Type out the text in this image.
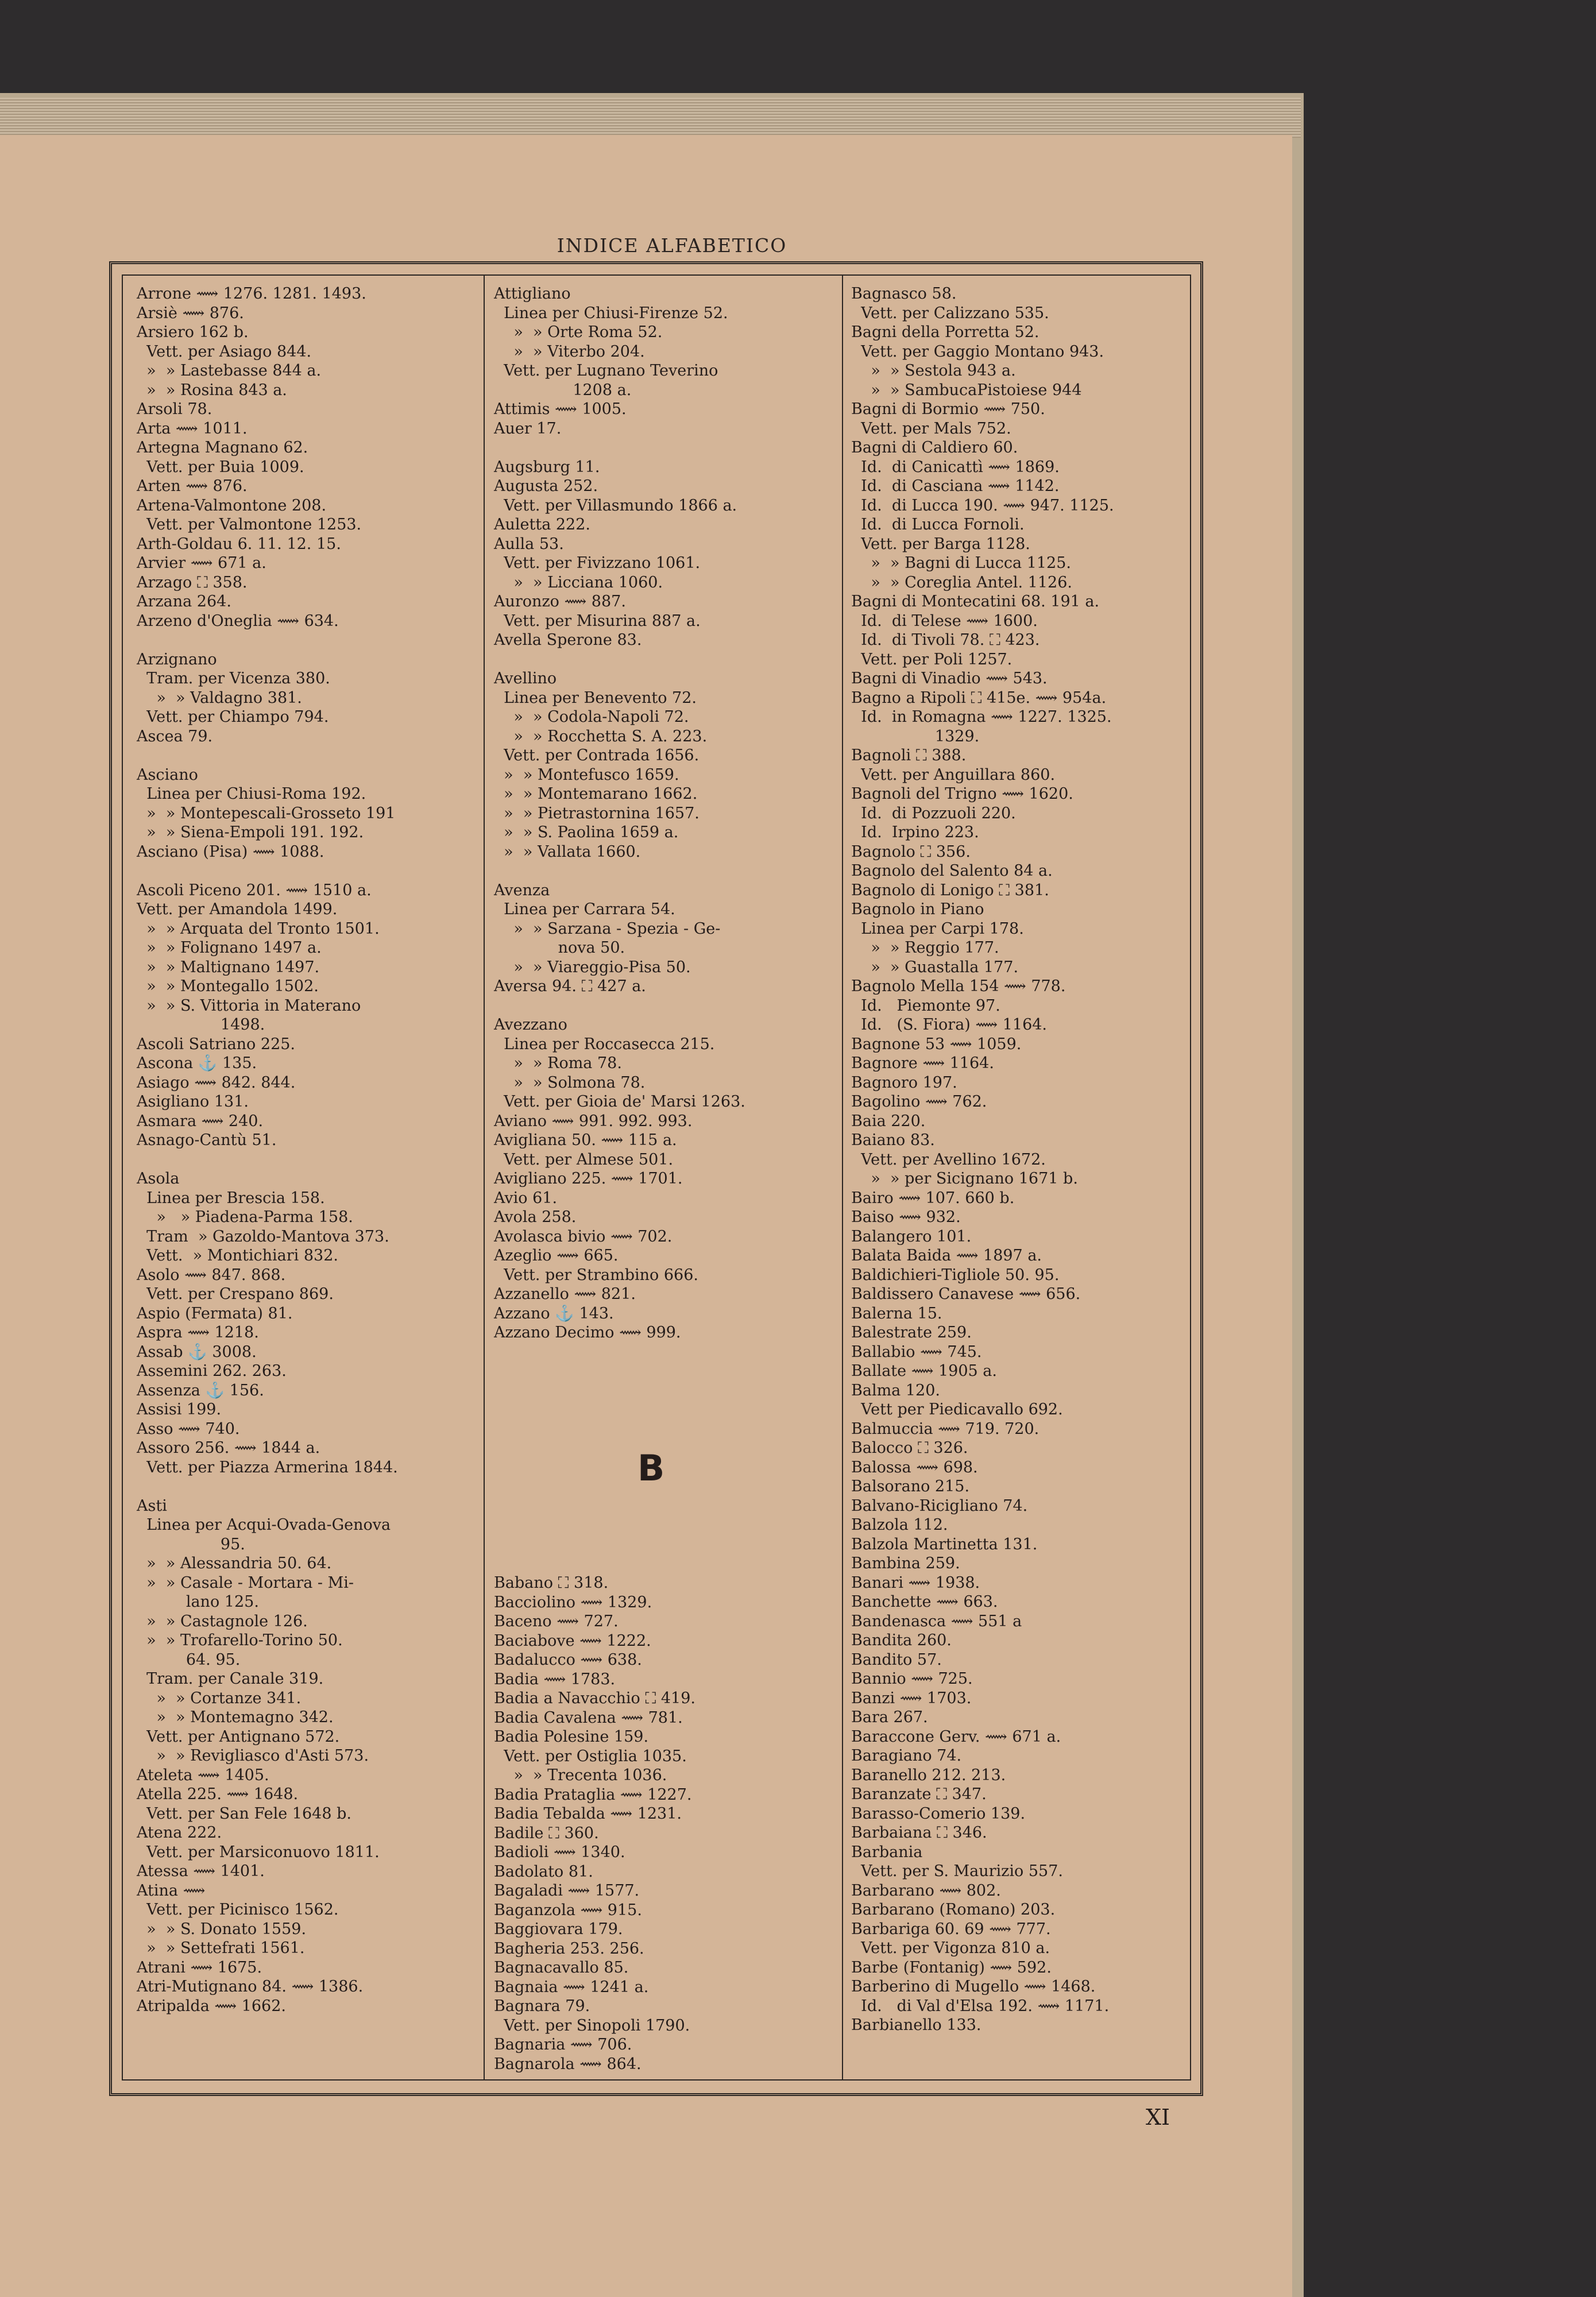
INDICE ALFABETICO
Arrone ⟿ 1276. 1281. 1493.
Arsiè ⟿ 876.
Arsiero 162 b.
Vett. per Asiago 844.
»  » Lastebasse 844 a.
»  » Rosina 843 a.
Arsoli 78.
Arta ⟿ 1011.
Artegna Magnano 62.
Vett. per Buia 1009.
Arten ⟿ 876.
Artena-Valmontone 208.
Vett. per Valmontone 1253.
Arth-Goldau 6. 11. 12. 15.
Arvier ⟿ 671 a.
Arzago ⛶ 358.
Arzana 264.
Arzeno d'Oneglia ⟿ 634.

Arzignano
Tram. per Vicenza 380.
»  » Valdagno 381.
Vett. per Chiampo 794.
Ascea 79.

Asciano
Linea per Chiusi-Roma 192.
»  » Montepescali-Grosseto 191
»  » Siena-Empoli 191. 192.
Asciano (Pisa) ⟿ 1088.

Ascoli Piceno 201. ⟿ 1510 a.
Vett. per Amandola 1499.
»  » Arquata del Tronto 1501.
»  » Folignano 1497 a.
»  » Maltignano 1497.
»  » Montegallo 1502.
»  » S. Vittoria in Materano
1498.
Ascoli Satriano 225.
Ascona ⚓ 135.
Asiago ⟿ 842. 844.
Asigliano 131.
Asmara ⟿ 240.
Asnago-Cantù 51.

Asola
Linea per Brescia 158.
»   » Piadena-Parma 158.
Tram  » Gazoldo-Mantova 373.
Vett.  » Montichiari 832.
Asolo ⟿ 847. 868.
Vett. per Crespano 869.
Aspio (Fermata) 81.
Aspra ⟿ 1218.
Assab ⚓ 3008.
Assemini 262. 263.
Assenza ⚓ 156.
Assisi 199.
Asso ⟿ 740.
Assoro 256. ⟿ 1844 a.
Vett. per Piazza Armerina 1844.

Asti
Linea per Acqui-Ovada-Genova
95.
»  » Alessandria 50. 64.
»  » Casale - Mortara - Mi-
lano 125.
»  » Castagnole 126.
»  » Trofarello-Torino 50.
64. 95.
Tram. per Canale 319.
»  » Cortanze 341.
»  » Montemagno 342.
Vett. per Antignano 572.
»  » Revigliasco d'Asti 573.
Ateleta ⟿ 1405.
Atella 225. ⟿ 1648.
Vett. per San Fele 1648 b.
Atena 222.
Vett. per Marsiconuovo 1811.
Atessa ⟿ 1401.
Atina ⟿
Vett. per Picinisco 1562.
»  » S. Donato 1559.
»  » Settefrati 1561.
Atrani ⟿ 1675.
Atri-Mutignano 84. ⟿ 1386.
Atripalda ⟿ 1662.
Attigliano
Linea per Chiusi-Firenze 52.
»  » Orte Roma 52.
»  » Viterbo 204.
Vett. per Lugnano Teverino
1208 a.
Attimis ⟿ 1005.
Auer 17.

Augsburg 11.
Augusta 252.
Vett. per Villasmundo 1866 a.
Auletta 222.
Aulla 53.
Vett. per Fivizzano 1061.
»  » Licciana 1060.
Auronzo ⟿ 887.
Vett. per Misurina 887 a.
Avella Sperone 83.

Avellino
Linea per Benevento 72.
»  » Codola-Napoli 72.
»  » Rocchetta S. A. 223.
Vett. per Contrada 1656.
»  » Montefusco 1659.
»  » Montemarano 1662.
»  » Pietrastornina 1657.
»  » S. Paolina 1659 a.
»  » Vallata 1660.

Avenza
Linea per Carrara 54.
»  » Sarzana - Spezia - Ge-
nova 50.
»  » Viareggio-Pisa 50.
Aversa 94. ⛶ 427 a.

Avezzano
Linea per Roccasecca 215.
»  » Roma 78.
»  » Solmona 78.
Vett. per Gioia de' Marsi 1263.
Aviano ⟿ 991. 992. 993.
Avigliana 50. ⟿ 115 a.
Vett. per Almese 501.
Avigliano 225. ⟿ 1701.
Avio 61.
Avola 258.
Avolasca bivio ⟿ 702.
Azeglio ⟿ 665.
Vett. per Strambino 666.
Azzanello ⟿ 821.
Azzano ⚓ 143.
Azzano Decimo ⟿ 999.
Babano ⛶ 318.
Bacciolino ⟿ 1329.
Baceno ⟿ 727.
Baciabove ⟿ 1222.
Badalucco ⟿ 638.
Badia ⟿ 1783.
Badia a Navacchio ⛶ 419.
Badia Cavalena ⟿ 781.
Badia Polesine 159.
Vett. per Ostiglia 1035.
»  » Trecenta 1036.
Badia Prataglia ⟿ 1227.
Badia Tebalda ⟿ 1231.
Badile ⛶ 360.
Badioli ⟿ 1340.
Badolato 81.
Bagaladi ⟿ 1577.
Baganzola ⟿ 915.
Baggiovara 179.
Bagheria 253. 256.
Bagnacavallo 85.
Bagnaia ⟿ 1241 a.
Bagnara 79.
Vett. per Sinopoli 1790.
Bagnaria ⟿ 706.
Bagnarola ⟿ 864.
Bagnasco 58.
Vett. per Calizzano 535.
Bagni della Porretta 52.
Vett. per Gaggio Montano 943.
»  » Sestola 943 a.
»  » SambucaPistoiese 944
Bagni di Bormio ⟿ 750.
Vett. per Mals 752.
Bagni di Caldiero 60.
Id.  di Canicattì ⟿ 1869.
Id.  di Casciana ⟿ 1142.
Id.  di Lucca 190. ⟿ 947. 1125.
Id.  di Lucca Fornoli.
Vett. per Barga 1128.
»  » Bagni di Lucca 1125.
»  » Coreglia Antel. 1126.
Bagni di Montecatini 68. 191 a.
Id.  di Telese ⟿ 1600.
Id.  di Tivoli 78. ⛶ 423.
Vett. per Poli 1257.
Bagni di Vinadio ⟿ 543.
Bagno a Ripoli ⛶ 415e. ⟿ 954a.
Id.  in Romagna ⟿ 1227. 1325.
1329.
Bagnoli ⛶ 388.
Vett. per Anguillara 860.
Bagnoli del Trigno ⟿ 1620.
Id.  di Pozzuoli 220.
Id.  Irpino 223.
Bagnolo ⛶ 356.
Bagnolo del Salento 84 a.
Bagnolo di Lonigo ⛶ 381.
Bagnolo in Piano
Linea per Carpi 178.
»  » Reggio 177.
»  » Guastalla 177.
Bagnolo Mella 154 ⟿ 778.
Id.   Piemonte 97.
Id.   (S. Fiora) ⟿ 1164.
Bagnone 53 ⟿ 1059.
Bagnore ⟿ 1164.
Bagnoro 197.
Bagolino ⟿ 762.
Baia 220.
Baiano 83.
Vett. per Avellino 1672.
»  » per Sicignano 1671 b.
Bairo ⟿ 107. 660 b.
Baiso ⟿ 932.
Balangero 101.
Balata Baida ⟿ 1897 a.
Baldichieri-Tigliole 50. 95.
Baldissero Canavese ⟿ 656.
Balerna 15.
Balestrate 259.
Ballabio ⟿ 745.
Ballate ⟿ 1905 a.
Balma 120.
Vett per Piedicavallo 692.
Balmuccia ⟿ 719. 720.
Balocco ⛶ 326.
Balossa ⟿ 698.
Balsorano 215.
Balvano-Ricigliano 74.
Balzola 112.
Balzola Martinetta 131.
Bambina 259.
Banari ⟿ 1938.
Banchette ⟿ 663.
Bandenasca ⟿ 551 a
Bandita 260.
Bandito 57.
Bannio ⟿ 725.
Banzi ⟿ 1703.
Bara 267.
Baraccone Gerv. ⟿ 671 a.
Baragiano 74.
Baranello 212. 213.
Baranzate ⛶ 347.
Barasso-Comerio 139.
Barbaiana ⛶ 346.
Barbania
Vett. per S. Maurizio 557.
Barbarano ⟿ 802.
Barbarano (Romano) 203.
Barbariga 60. 69 ⟿ 777.
Vett. per Vigonza 810 a.
Barbe (Fontanig) ⟿ 592.
Barberino di Mugello ⟿ 1468.
Id.   di Val d'Elsa 192. ⟿ 1171.
Barbianello 133.
B
XI
